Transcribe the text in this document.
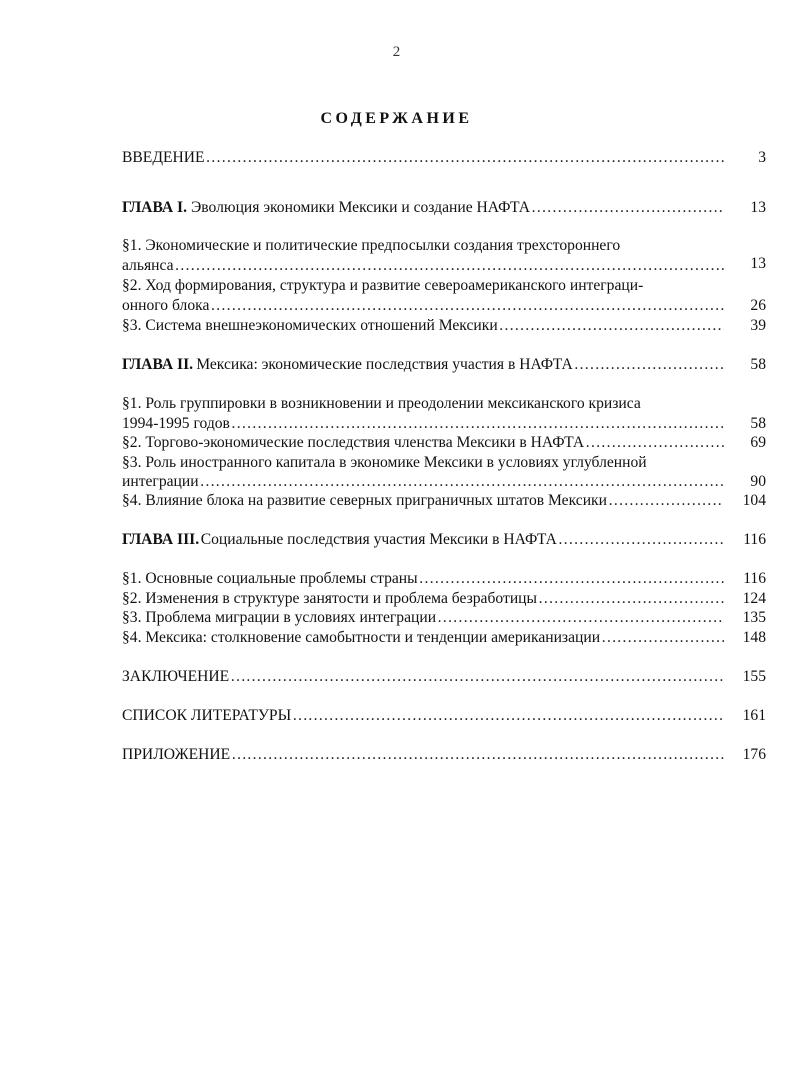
2
СОДЕРЖАНИЕ
ВВЕДЕНИЕ ……………………………………………………………………………………………………………………………………………………………………………………	3
ГЛАВА I. Эволюция экономики Мексики и создание НАФТА ……………………………………………………………………………………………………………………………………………………………………………………	13
§1. Экономические и политические предпосылки создания трехстороннего
альянса ……………………………………………………………………………………………………………………………………………………………………………………	13
§2. Ход формирования, структура и развитие североамериканского интеграци-
онного блока ……………………………………………………………………………………………………………………………………………………………………………………	26
§3. Система внешнеэкономических отношений Мексики ……………………………………………………………………………………………………………………………………………………………………………………	39
ГЛАВА II. Мексика: экономические последствия участия в НАФТА ……………………………………………………………………………………………………………………………………………………………………………………	58
§1. Роль группировки в возникновении и преодолении мексиканского кризиса
1994-1995 годов ……………………………………………………………………………………………………………………………………………………………………………………	58
§2. Торгово-экономические последствия членства Мексики в НАФТА ……………………………………………………………………………………………………………………………………………………………………………………	69
§3. Роль иностранного капитала в экономике Мексики в условиях углубленной
интеграции ……………………………………………………………………………………………………………………………………………………………………………………	90
§4. Влияние блока на развитие северных приграничных штатов Мексики ……………………………………………………………………………………………………………………………………………………………………………………	104
ГЛАВА III. Социальные последствия участия Мексики в НАФТА ……………………………………………………………………………………………………………………………………………………………………………………	116
§1. Основные социальные проблемы страны ……………………………………………………………………………………………………………………………………………………………………………………	116
§2. Изменения в структуре занятости и проблема безработицы ……………………………………………………………………………………………………………………………………………………………………………………	124
§3. Проблема миграции в условиях интеграции ……………………………………………………………………………………………………………………………………………………………………………………	135
§4. Мексика: столкновение самобытности и тенденции американизации ……………………………………………………………………………………………………………………………………………………………………………………	148
ЗАКЛЮЧЕНИЕ ……………………………………………………………………………………………………………………………………………………………………………………	155
СПИСОК ЛИТЕРАТУРЫ ……………………………………………………………………………………………………………………………………………………………………………………	161
ПРИЛОЖЕНИЕ ……………………………………………………………………………………………………………………………………………………………………………………	176
